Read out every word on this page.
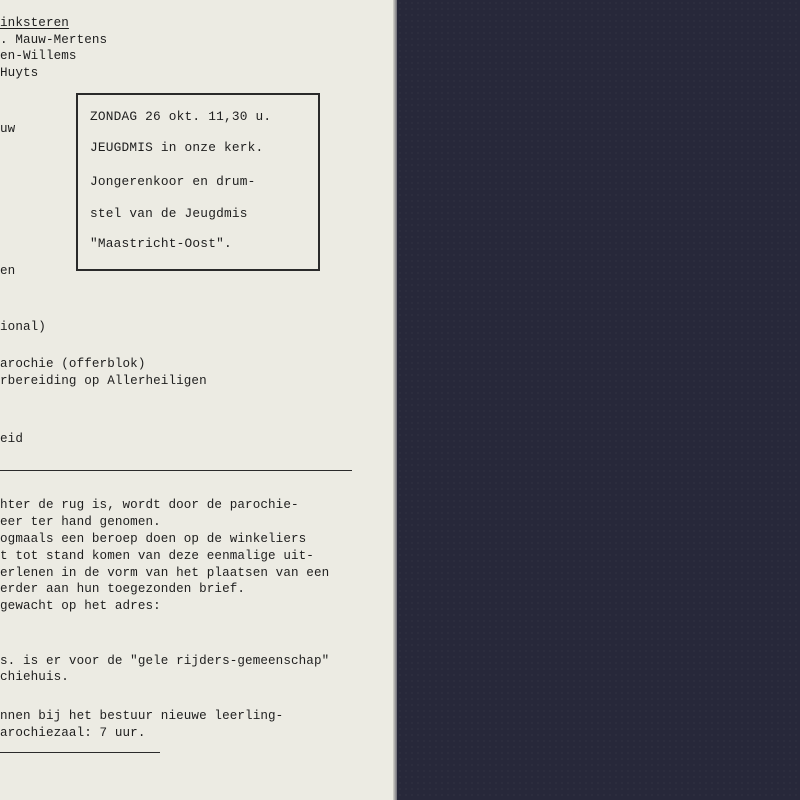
inksteren

. Mauw-Mertens

en-Willems

Huyts

uw

ZONDAG 26 okt. 11,30 u.

JEUGDMIS in onze kerk.

Jongerenkoor en drum-

stel van de Jeugdmis

"Maastricht-Oost".

en

ional)

arochie (offerblok)

rbereiding op Allerheiligen

eid

hter de rug is, wordt door de parochie-

eer ter hand genomen.

ogmaals een beroep doen op de winkeliers

t tot stand komen van deze eenmalige uit-

erlenen in de vorm van het plaatsen van een

erder aan hun toegezonden brief.

gewacht op het adres:

s. is er voor de "gele rijders-gemeenschap"

chiehuis.

nnen bij het bestuur nieuwe leerling-

arochiezaal: 7 uur.
